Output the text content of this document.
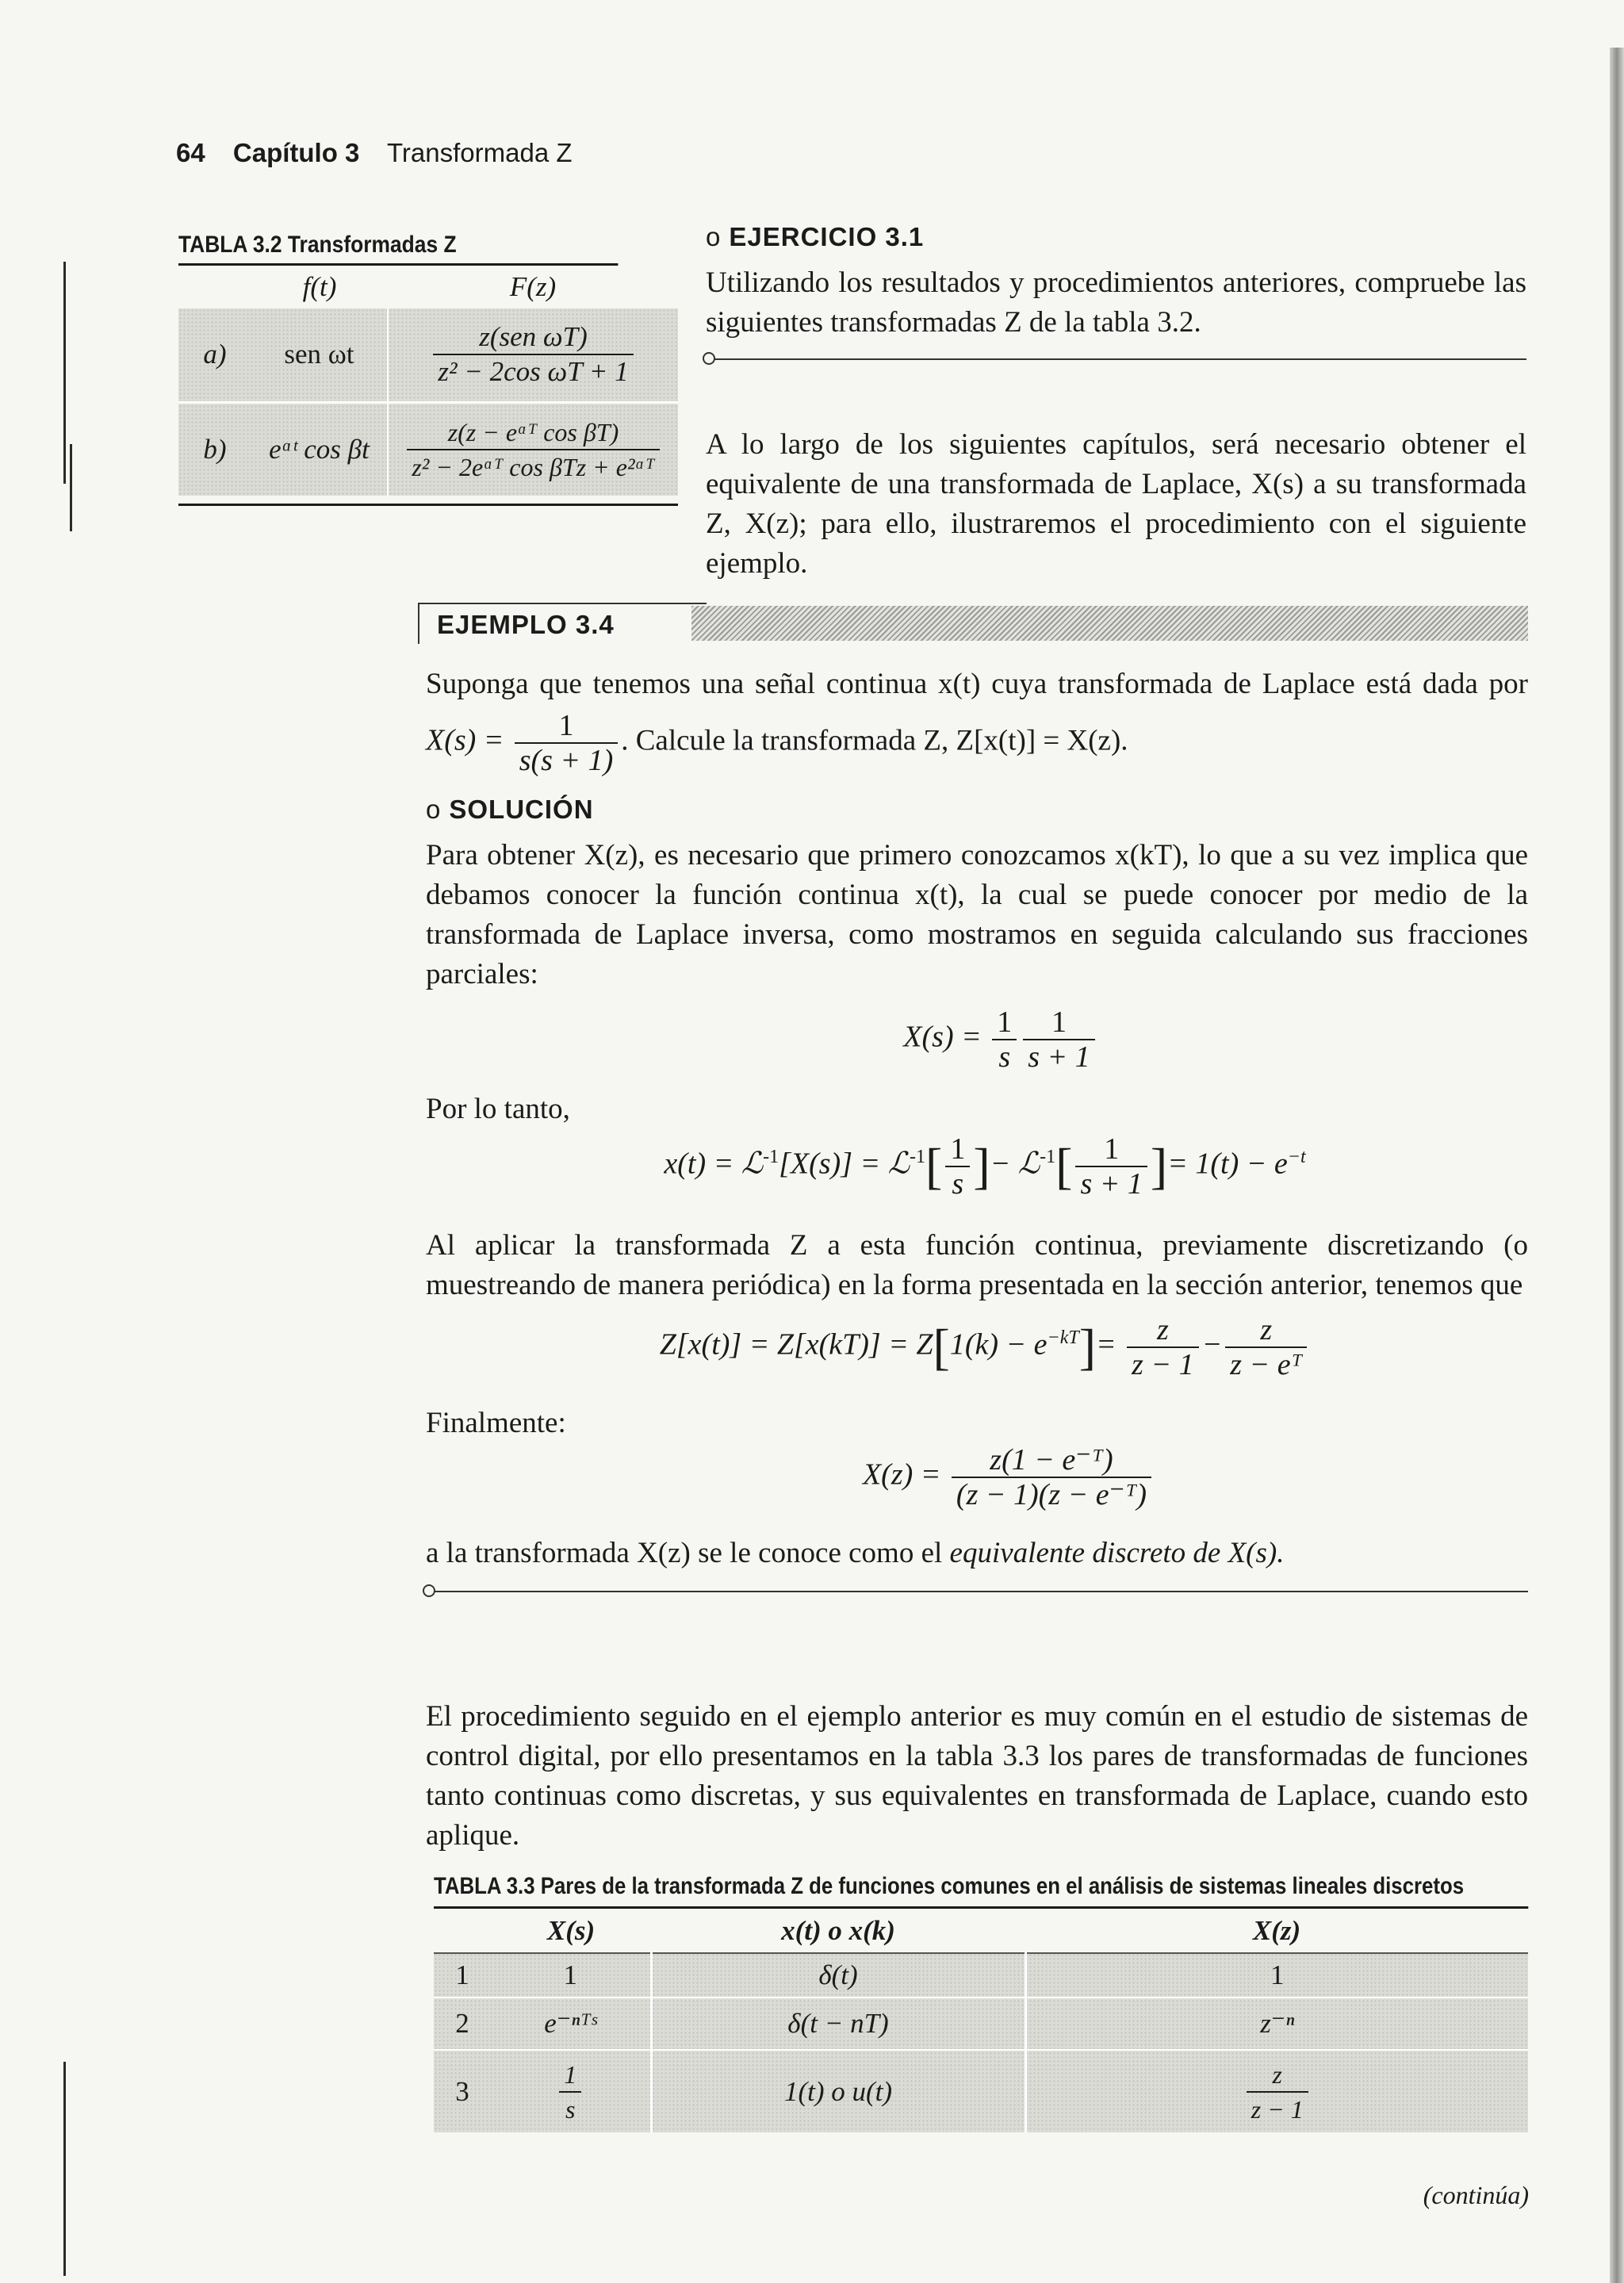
64 Capítulo 3 Transformada Z
TABLA 3.2 Transformadas Z
	f(t)	F(z)
a)	sen ωt	$\frac{\text{z(sen ωT)}}{\text{z² − 2cos ωT + 1}}$

b)	eᵅᵗ cos βt	$\frac{\text{z(z − eᵅᵀ cos βT)}}{\text{z² − 2eᵅᵀ cos βTz + e²ᵅᵀ}}$
o EJERCICIO 3.1

Utilizando los resultados y procedimientos anteriores, compruebe las siguientes transformadas Z de la tabla 3.2.

A lo largo de los siguientes capítulos, será necesario obtener el equivalente de una transformada de Laplace, X(s) a su transformada Z, X(z); para ello, ilustraremos el procedimiento con el siguiente ejemplo.

EJEMPLO 3.4

Suponga que tenemos una señal continua x(t) cuya transformada de Laplace está dada por

$X(s) = \frac{1}{s(s + 1)}$ . Calcule la transformada Z, Z[x(t)] = X(z).
o SOLUCIÓN

Para obtener X(z), es necesario que primero conozcamos x(kT), lo que a su vez implica que debamos conocer la función continua x(t), la cual se puede conocer por medio de la transformada de Laplace inversa, como mostramos en seguida calculando sus fracciones parciales:

$X(s) = \frac{1}{s} \frac{1}{s + 1}$

Por lo tanto,

x(t) = ℒ$^{-1}$[X(s)] = ℒ$^{-1}$[ $\frac{1}{s}$ ]− ℒ$^{-1}$[ $\frac{1}{s + 1}$ ]= $1(t) - e^{-t}$

Al aplicar la transformada Z a esta función continua, previamente discretizando (o muestreando de manera periódica) en la forma presentada en la sección anterior, tenemos que

$Z[x(t)] = Z[x(kT)] = Z[1(k) - e^{-kT}]= \frac{z}{z - 1} - \frac{z}{\text{z − eᵀ}}$

Finalmente:

$X(z) = \frac{\text{z(1 − e⁻ᵀ)}}{\text{(z − 1)(z − e⁻ᵀ)}}$

a la transformada X(z) se le conoce como el equivalente discreto de X(s).

El procedimiento seguido en el ejemplo anterior es muy común en el estudio de sistemas de control digital, por ello presentamos en la tabla 3.3 los pares de transformadas de funciones tanto continuas como discretas, y sus equivalentes en transformada de Laplace, cuando esto aplique.

TABLA 3.3 Pares de la transformada Z de funciones comunes en el análisis de sistemas lineales discretos
	X(s)	x(t) o x(k)	X(z)
1	1	δ(t)	1
2	e⁻ⁿᵀˢ	δ(t − nT)	z⁻ⁿ
3	$\frac{1}{s}$	1(t) o u(t)	$\frac{z}{z - 1}$
(continúa)
